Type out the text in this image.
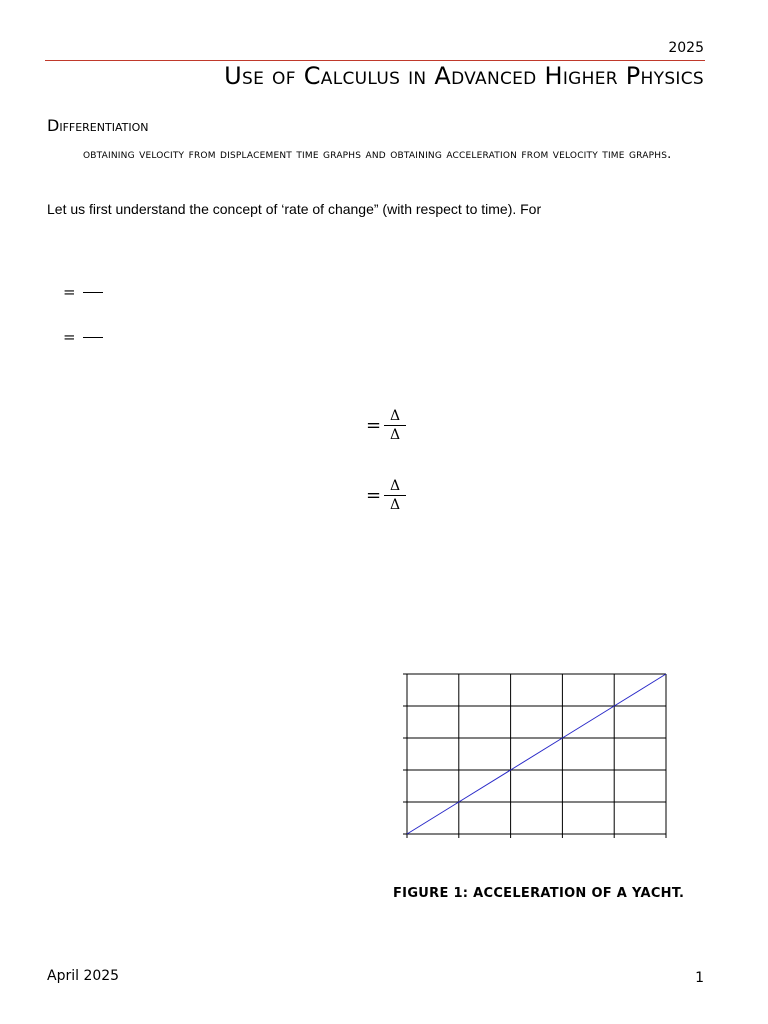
2025
Use of Calculus in Advanced Higher Physics
Differentiation
obtaining velocity from displacement time graphs and obtaining acceleration from velocity time graphs.
Let us first understand the concept of ‘rate of change” (with respect to time). For
=
=
= $\frac{\Delta}{\Delta}$
= $\frac{\Delta}{\Delta}$
FIGURE 1: ACCELERATION OF A YACHT.
April 2025	1
